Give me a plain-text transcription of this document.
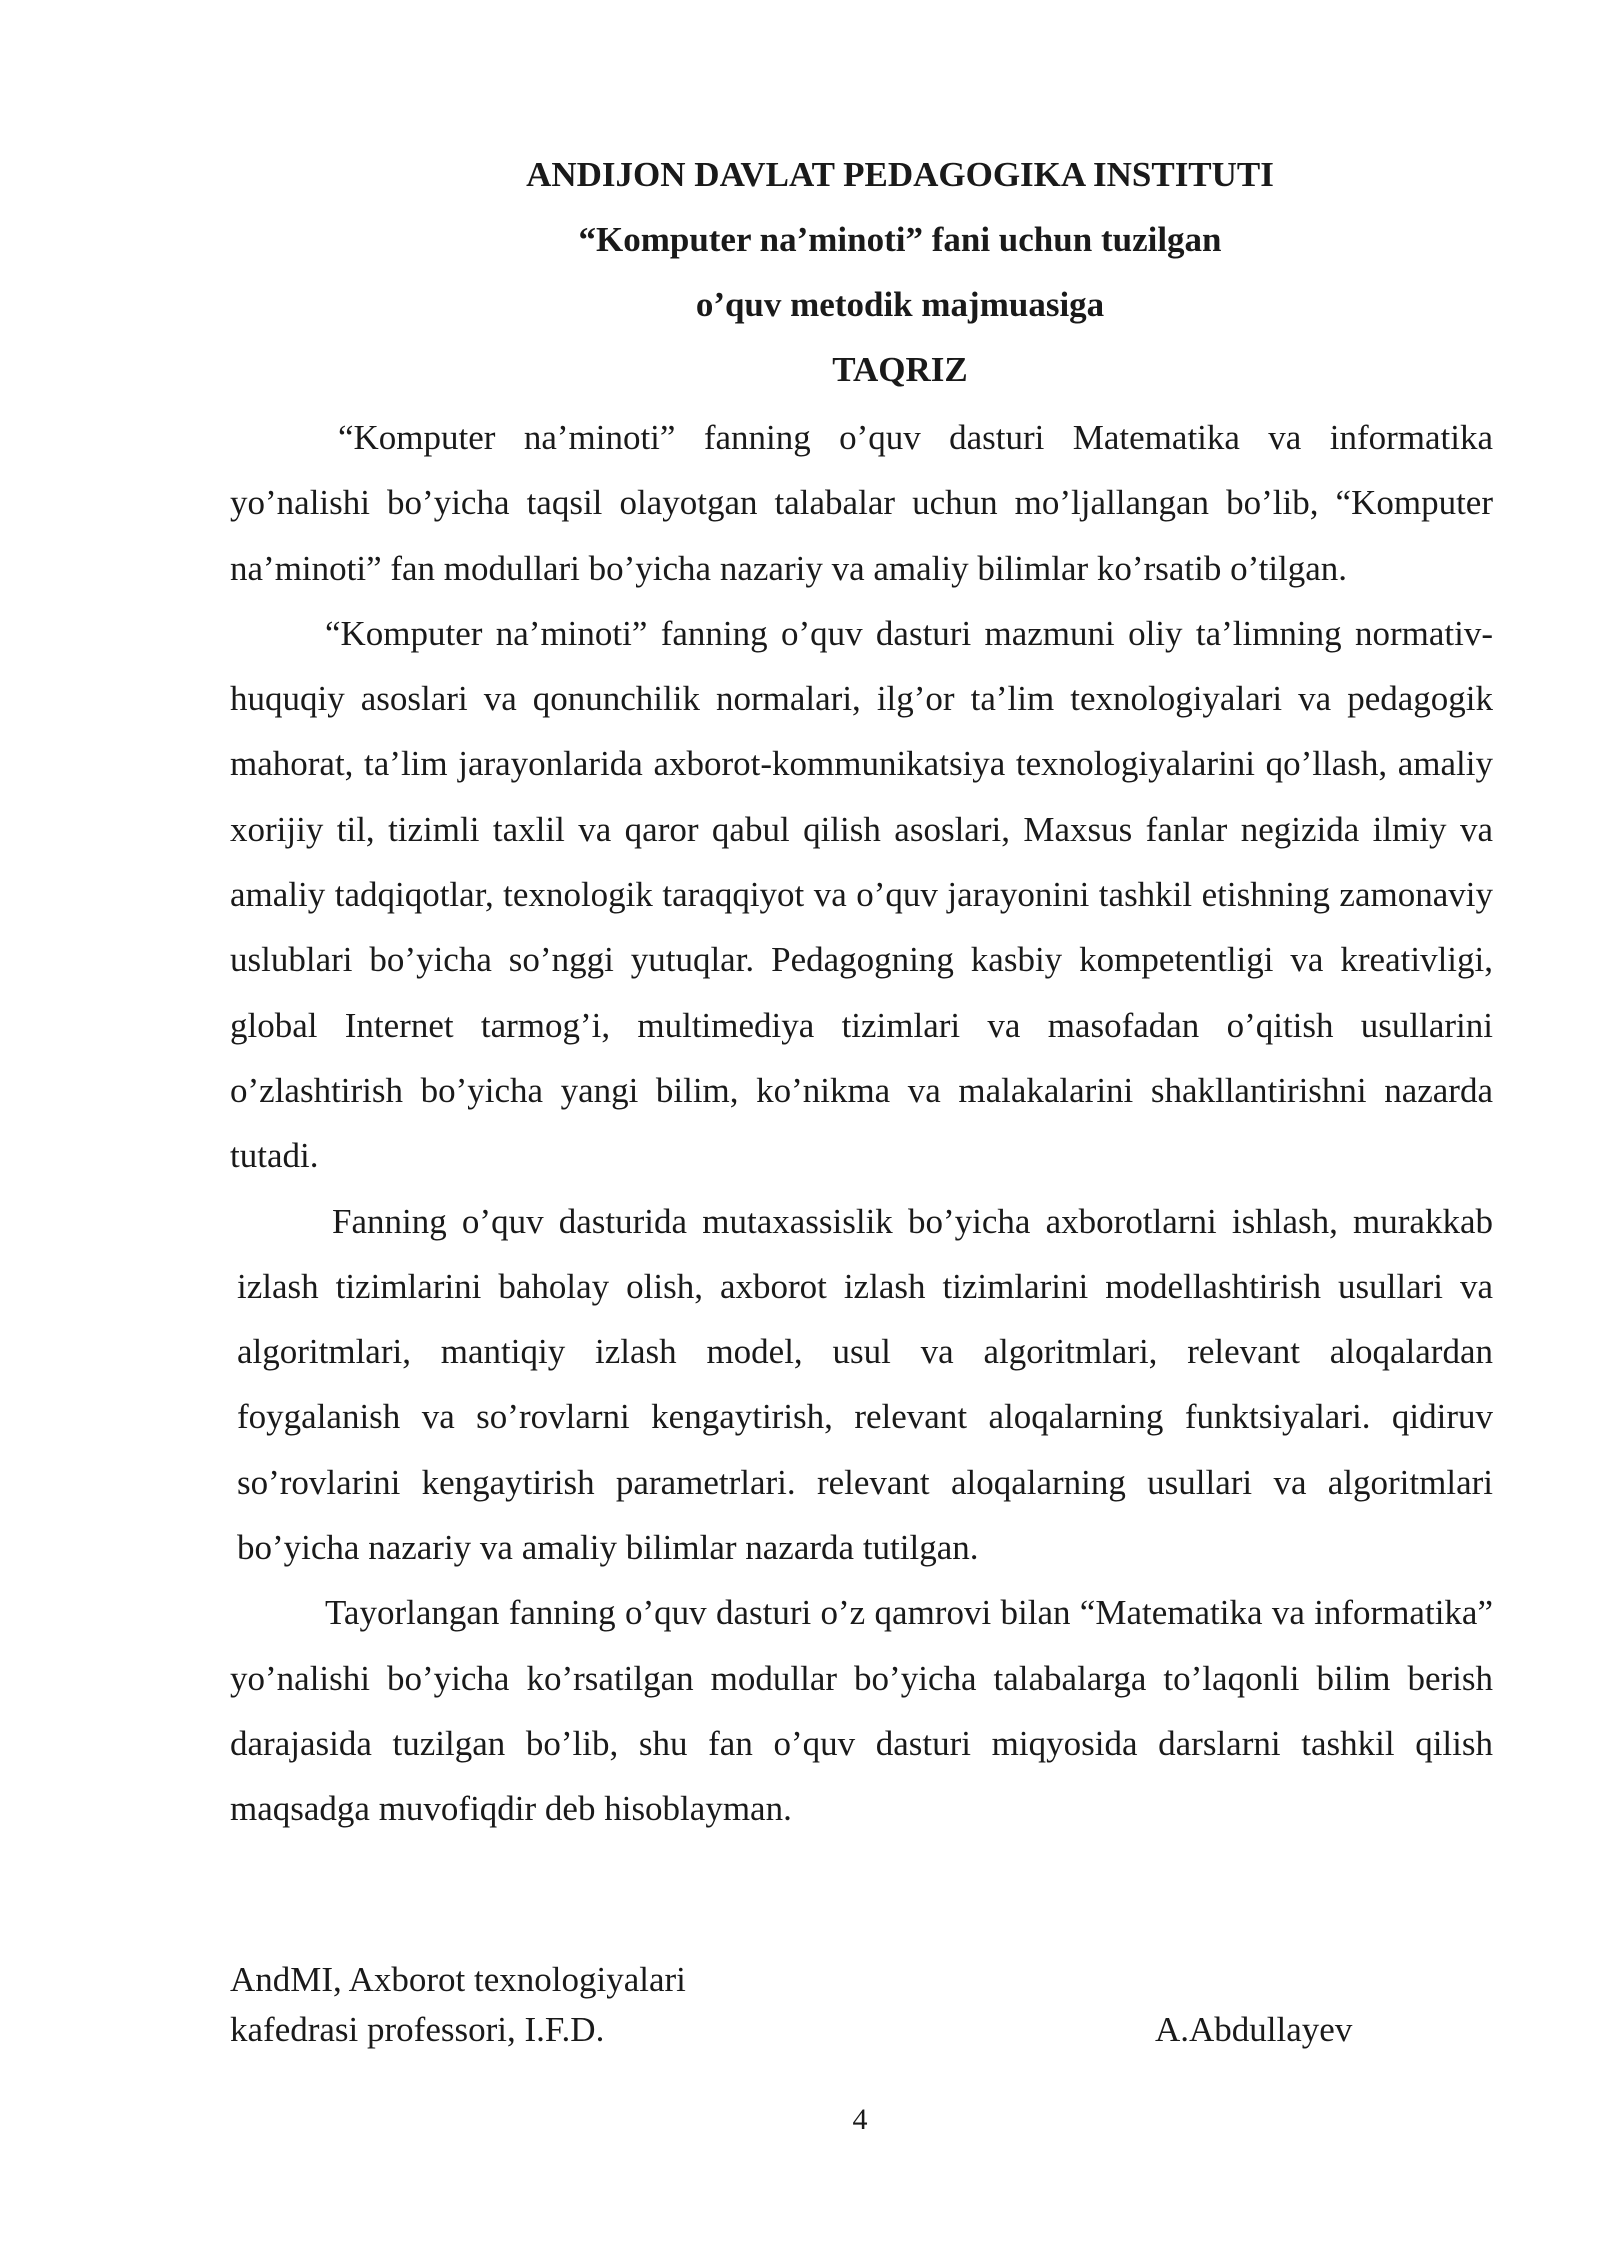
ANDIJON DAVLAT PEDAGOGIKA INSTITUTI
“Komputer na’minoti” fani uchun tuzilgan
o’quv metodik majmuasiga
TAQRIZ

“Komputer na’minoti” fanning o’quv dasturi Matematika va informatika yo’nalishi bo’yicha taqsil olayotgan talabalar uchun mo’ljallangan bo’lib, “Komputer na’minoti” fan modullari bo’yicha nazariy va amaliy bilimlar ko’rsatib o’tilgan.

“Komputer na’minoti” fanning o’quv dasturi mazmuni oliy ta’limning normativ-huquqiy asoslari va qonunchilik normalari, ilg’or ta’lim texnologiyalari va pedagogik mahorat, ta’lim jarayonlarida axborot-kommunikatsiya texnologiyalarini qo’llash, amaliy xorijiy til, tizimli taxlil va qaror qabul qilish asoslari, Maxsus fanlar negizida ilmiy va amaliy tadqiqotlar, texnologik taraqqiyot va o’quv jarayonini tashkil etishning zamonaviy uslublari bo’yicha so’nggi yutuqlar. Pedagogning kasbiy kompetentligi va kreativligi, global Internet tarmog’i, multimediya tizimlari va masofadan o’qitish usullarini o’zlashtirish bo’yicha yangi bilim, ko’nikma va malakalarini shakllantirishni nazarda tutadi.

Fanning o’quv dasturida mutaxassislik bo’yicha axborotlarni ishlash, murakkab izlash tizimlarini baholay olish, axborot izlash tizimlarini modellashtirish usullari va algoritmlari, mantiqiy izlash model, usul va algoritmlari, relevant aloqalardan foygalanish va so’rovlarni kengaytirish, relevant aloqalarning funktsiyalari. qidiruv so’rovlarini kengaytirish parametrlari. relevant aloqalarning usullari va algoritmlari bo’yicha nazariy va amaliy bilimlar nazarda tutilgan.

Tayorlangan fanning o’quv dasturi o’z qamrovi bilan “Matematika va informatika” yo’nalishi bo’yicha ko’rsatilgan modullar bo’yicha talabalarga to’laqonli bilim berish darajasida tuzilgan bo’lib, shu fan o’quv dasturi miqyosida darslarni tashkil qilish maqsadga muvofiqdir deb hisoblayman.

AndMI, Axborot texnologiyalari
kafedrasi professori, I.F.D.	A.Abdullayev
4
